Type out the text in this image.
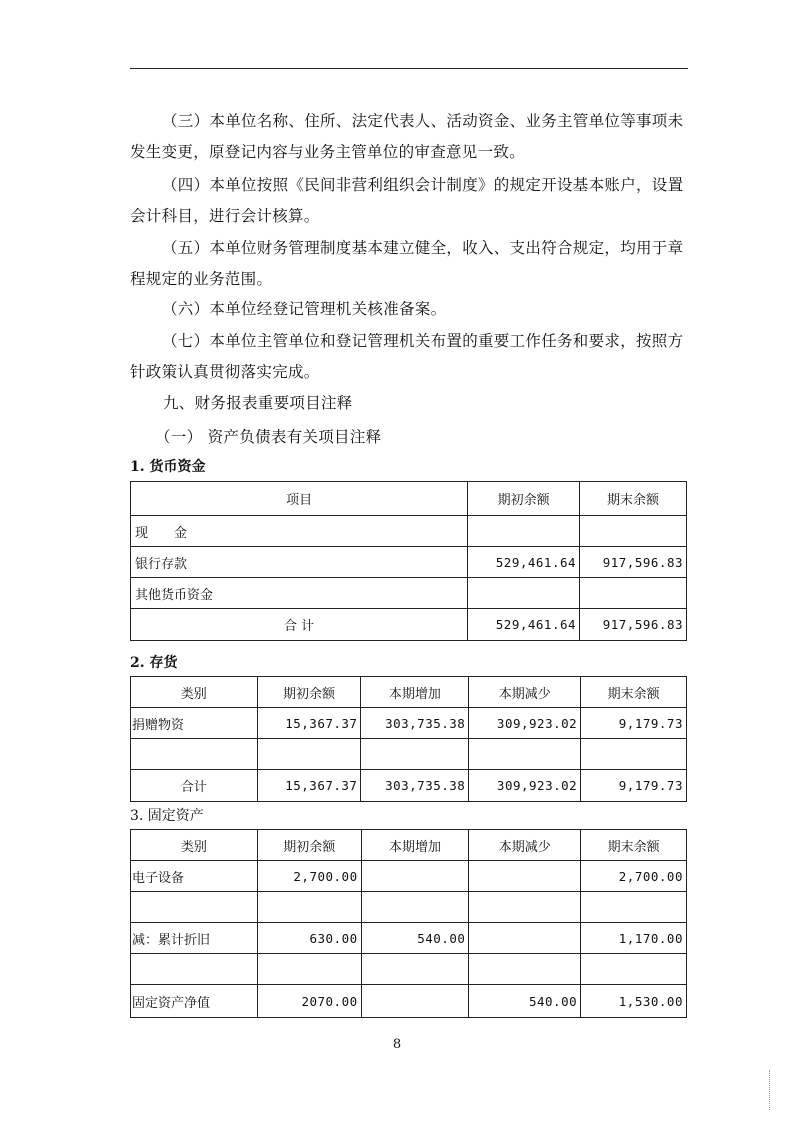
（三）本单位名称、住所、法定代表人、活动资金、业务主管单位等事项未
发生变更，原登记内容与业务主管单位的审查意见一致。
（四）本单位按照《民间非营利组织会计制度》的规定开设基本账户，设置
会计科目，进行会计核算。
（五）本单位财务管理制度基本建立健全，收入、支出符合规定，均用于章
程规定的业务范围。
（六）本单位经登记管理机关核准备案。
（七）本单位主管单位和登记管理机关布置的重要工作任务和要求，按照方
针政策认真贯彻落实完成。

九、财务报表重要项目注释

（一） 资产负债表有关项目注释

1. 货币资金

项目	期初余额	期末余额
现　　金		
银行存款	529,461.64	917,596.83
其他货币资金		
合 计	529,461.64	917,596.83

2. 存货

类别	期初余额	本期增加	本期减少	期末余额
捐赠物资	15,367.37	303,735.38	309,923.02	9,179.73

合计	15,367.37	303,735.38	309,923.02	9,179.73

3. 固定资产

类别	期初余额	本期增加	本期减少	期末余额
电子设备	2,700.00			2,700.00

减：累计折旧	630.00	540.00		1,170.00

固定资产净值	2070.00		540.00	1,530.00
8
